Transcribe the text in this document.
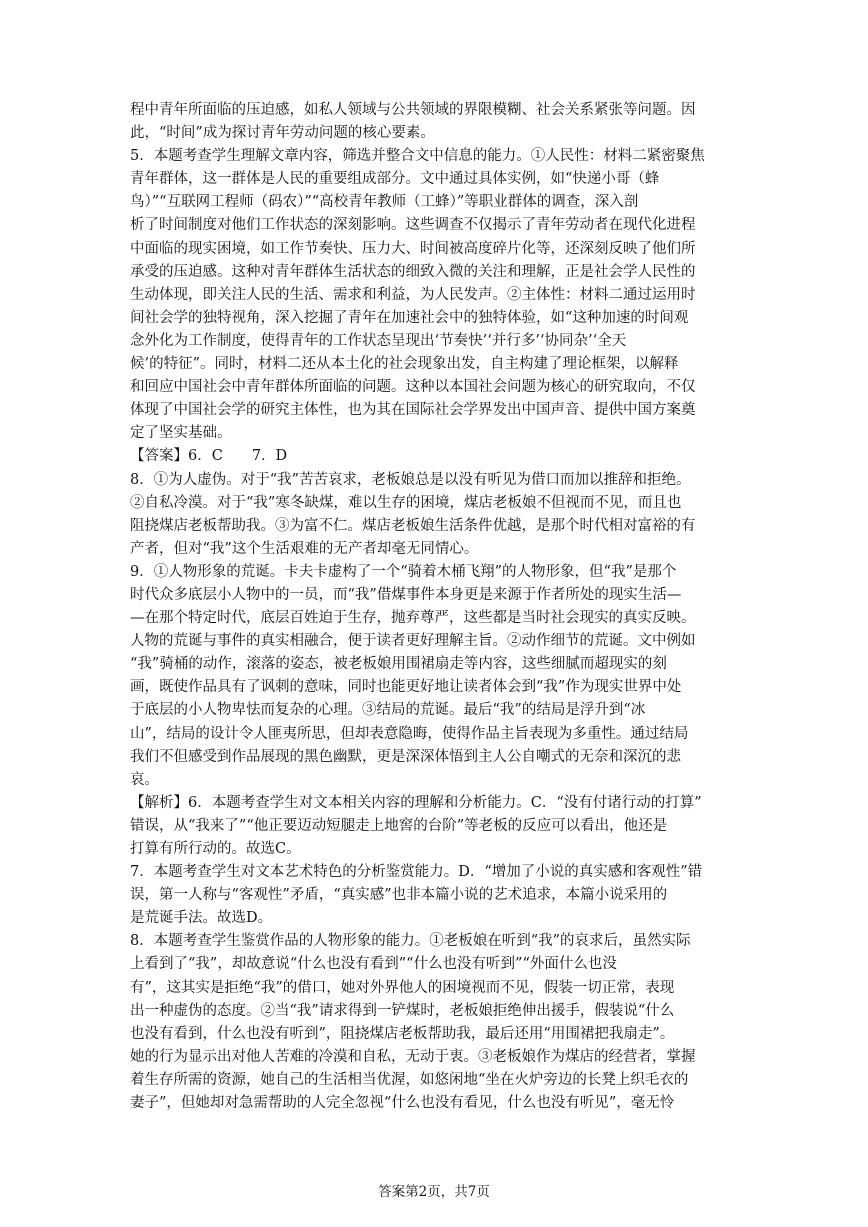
程中青年所面临的压迫感，如私人领域与公共领域的界限模糊、社会关系紧张等问题。因
此，“时间”成为探讨青年劳动问题的核心要素。
5．本题考查学生理解文章内容，筛选并整合文中信息的能力。①人民性：材料二紧密聚焦
青年群体，这一群体是人民的重要组成部分。文中通过具体实例，如“快递小哥（蜂
鸟）”“互联网工程师（码农）”“高校青年教师（工蜂）”等职业群体的调查，深入剖
析了时间制度对他们工作状态的深刻影响。这些调查不仅揭示了青年劳动者在现代化进程
中面临的现实困境，如工作节奏快、压力大、时间被高度碎片化等，还深刻反映了他们所
承受的压迫感。这种对青年群体生活状态的细致入微的关注和理解，正是社会学人民性的
生动体现，即关注人民的生活、需求和利益，为人民发声。②主体性：材料二通过运用时
间社会学的独特视角，深入挖掘了青年在加速社会中的独特体验，如“这种加速的时间观
念外化为工作制度，使得青年的工作状态呈现出‘节奏快’‘并行多’‘协同杂’‘全天
候’的特征”。同时，材料二还从本土化的社会现象出发，自主构建了理论框架，以解释
和回应中国社会中青年群体所面临的问题。这种以本国社会问题为核心的研究取向，不仅
体现了中国社会学的研究主体性，也为其在国际社会学界发出中国声音、提供中国方案奠
定了坚实基础。
【答案】6．C　　7．D
8．①为人虚伪。对于“我”苦苦哀求，老板娘总是以没有听见为借口而加以推辞和拒绝。
②自私冷漠。对于“我”寒冬缺煤，难以生存的困境，煤店老板娘不但视而不见，而且也
阻挠煤店老板帮助我。③为富不仁。煤店老板娘生活条件优越，是那个时代相对富裕的有
产者，但对“我”这个生活艰难的无产者却毫无同情心。
9．①人物形象的荒诞。卡夫卡虚构了一个“骑着木桶飞翔”的人物形象，但“我”是那个
时代众多底层小人物中的一员，而“我”借煤事件本身更是来源于作者所处的现实生活—
—在那个特定时代，底层百姓迫于生存，抛弃尊严，这些都是当时社会现实的真实反映。
人物的荒诞与事件的真实相融合，便于读者更好理解主旨。②动作细节的荒诞。文中例如
“我”骑桶的动作，滚落的姿态，被老板娘用围裙扇走等内容，这些细腻而超现实的刻
画，既使作品具有了讽刺的意味，同时也能更好地让读者体会到“我”作为现实世界中处
于底层的小人物卑怯而复杂的心理。③结局的荒诞。最后“我”的结局是浮升到“冰
山”，结局的设计令人匪夷所思，但却表意隐晦，使得作品主旨表现为多重性。通过结局
我们不但感受到作品展现的黑色幽默，更是深深体悟到主人公自嘲式的无奈和深沉的悲
哀。
【解析】6．本题考查学生对文本相关内容的理解和分析能力。C．“没有付诸行动的打算”
错误，从“我来了”“他正要迈动短腿走上地窖的台阶”等老板的反应可以看出，他还是
打算有所行动的。故选C。
7．本题考查学生对文本艺术特色的分析鉴赏能力。D．“增加了小说的真实感和客观性”错
误，第一人称与“客观性”矛盾，“真实感”也非本篇小说的艺术追求，本篇小说采用的
是荒诞手法。故选D。
8．本题考查学生鉴赏作品的人物形象的能力。①老板娘在听到“我”的哀求后，虽然实际
上看到了“我”，却故意说“什么也没有看到”“什么也没有听到”“外面什么也没
有”，这其实是拒绝“我”的借口，她对外界他人的困境视而不见，假装一切正常，表现
出一种虚伪的态度。②当“我”请求得到一铲煤时，老板娘拒绝伸出援手，假装说“什么
也没有看到，什么也没有听到”，阻挠煤店老板帮助我，最后还用“用围裙把我扇走”。
她的行为显示出对他人苦难的冷漠和自私，无动于衷。③老板娘作为煤店的经营者，掌握
着生存所需的资源，她自己的生活相当优渥，如悠闲地“坐在火炉旁边的长凳上织毛衣的
妻子”，但她却对急需帮助的人完全忽视“什么也没有看见，什么也没有听见”，毫无怜
答案第2页，共7页
